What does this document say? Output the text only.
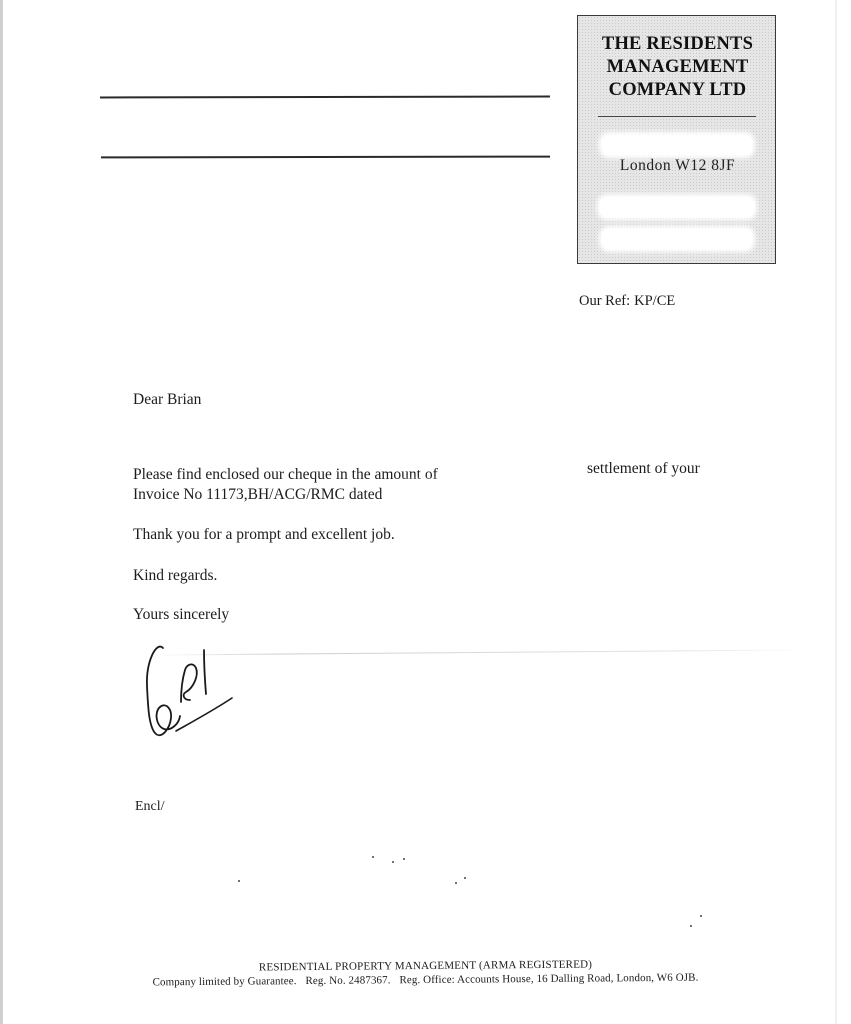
THE RESIDENTS
MANAGEMENT
COMPANY LTD
London W12 8JF
Our Ref: KP/CE
Dear Brian
Please find enclosed our cheque in the amount of	settlement of your
Invoice No 11173,BH/ACG/RMC dated
Thank you for a prompt and excellent job.
Kind regards.
Yours sincerely
Encl/
RESIDENTIAL PROPERTY MANAGEMENT (ARMA REGISTERED)
Company limited by Guarantee. Reg. No. 2487367. Reg. Office: Accounts House, 16 Dalling Road, London, W6 OJB.
